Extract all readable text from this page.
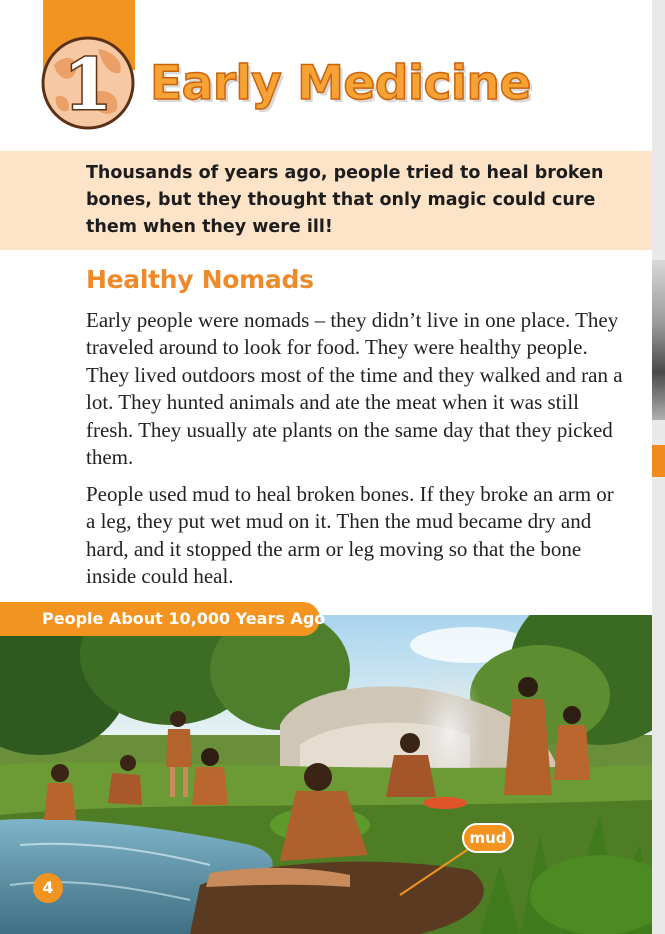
1 Early Medicine

Thousands of years ago, people tried to heal broken bones, but they thought that only magic could cure them when they were ill!

Healthy Nomads

Early people were nomads – they didn’t live in one place. They traveled around to look for food. They were healthy people. They lived outdoors most of the time and they walked and ran a lot. They hunted animals and ate the meat when it was still fresh. They usually ate plants on the same day that they picked them.

People used mud to heal broken bones. If they broke an arm or a leg, they put wet mud on it. Then the mud became dry and hard, and it stopped the arm or leg moving so that the bone inside could heal.

People About 10,000 Years Ago

mud
4
